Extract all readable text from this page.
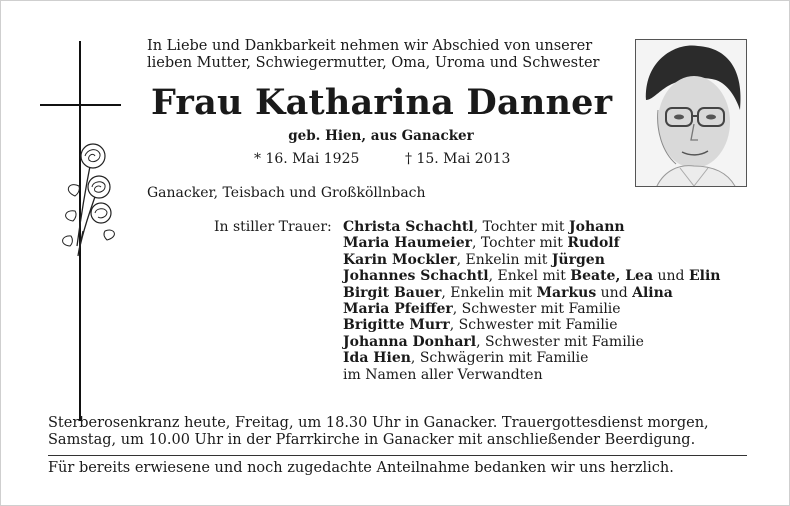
In Liebe und Dankbarkeit nehmen wir Abschied von unserer lieben Mutter, Schwiegermutter, Oma, Uroma und Schwester
Frau Katharina Danner
geb. Hien, aus Ganacker
* 16. Mai 1925	† 15. Mai 2013
Ganacker, Teisbach und Großköllnbach
In stiller Trauer: Christa Schachtl, Tochter mit Johann
Maria Haumeier, Tochter mit Rudolf
Karin Mockler, Enkelin mit Jürgen
Johannes Schachtl, Enkel mit Beate, Lea und Elin
Birgit Bauer, Enkelin mit Markus und Alina
Maria Pfeiffer, Schwester mit Familie
Brigitte Murr, Schwester mit Familie
Johanna Donharl, Schwester mit Familie
Ida Hien, Schwägerin mit Familie
im Namen aller Verwandten
Sterberosenkranz heute, Freitag, um 18.30 Uhr in Ganacker. Trauergottesdienst morgen, Samstag, um 10.00 Uhr in der Pfarrkirche in Ganacker mit anschließender Beerdigung.
Für bereits erwiesene und noch zugedachte Anteilnahme bedanken wir uns herzlich.
